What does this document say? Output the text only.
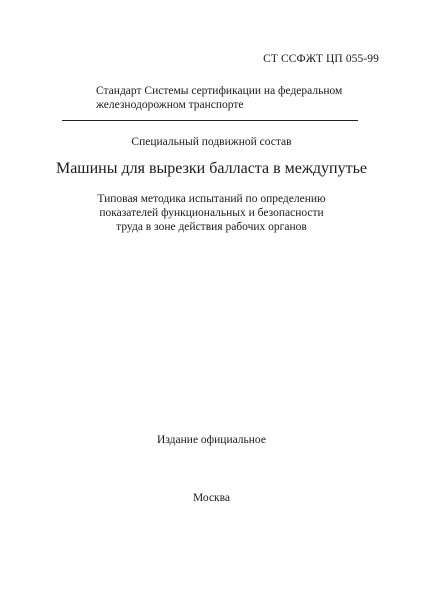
СТ ССФЖТ ЦП 055-99
Стандарт Системы сертификации на федеральном
железнодорожном транспорте
Специальный подвижной состав
Машины для вырезки балласта в междупутье
Типовая методика испытаний по определению
показателей функциональных и безопасности
труда в зоне действия рабочих органов
Издание официальное
Москва
